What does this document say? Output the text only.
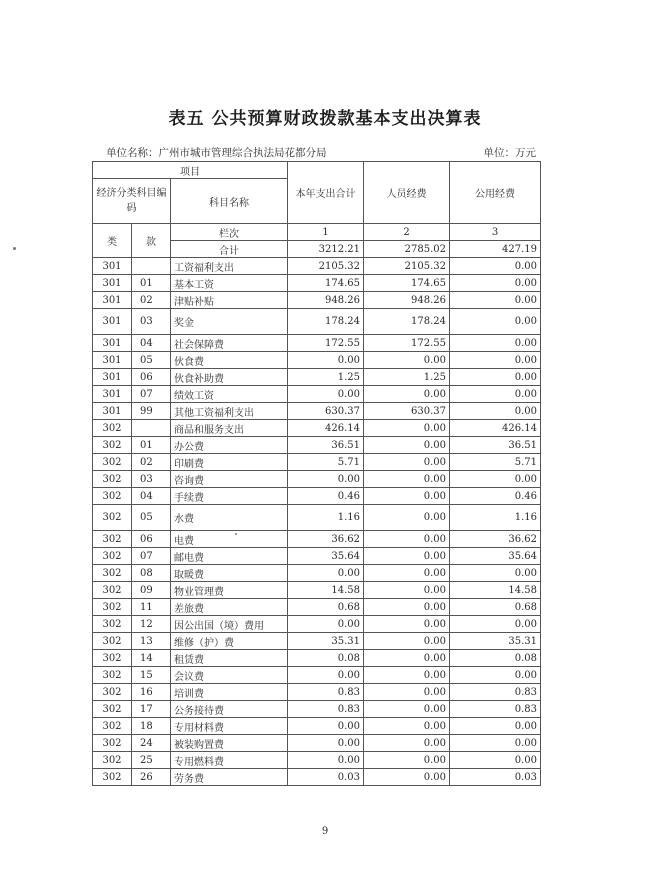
表五 公共预算财政拨款基本支出决算表
单位名称：广州市城市管理综合执法局花都分局	单位：万元
项目			本年支出合计	人员经费	公用经费
经济分类科目编码		科目名称			

类	款	栏次	1	2	3
		合计	3212.21	2785.02	427.19
301		工资福利支出	2105.32	2105.32	0.00
301	01	基本工资	174.65	174.65	0.00
301	02	津贴补贴	948.26	948.26	0.00
301	03	奖金	178.24	178.24	0.00
301	04	社会保障费	172.55	172.55	0.00
301	05	伙食费	0.00	0.00	0.00
301	06	伙食补助费	1.25	1.25	0.00
301	07	绩效工资	0.00	0.00	0.00
301	99	其他工资福利支出	630.37	630.37	0.00
302		商品和服务支出	426.14	0.00	426.14
302	01	办公费	36.51	0.00	36.51
302	02	印刷费	5.71	0.00	5.71
302	03	咨询费	0.00	0.00	0.00
302	04	手续费	0.46	0.00	0.46
302	05	水费	1.16	0.00	1.16
302	06	电费	36.62	0.00	36.62
302	07	邮电费	35.64	0.00	35.64
302	08	取暖费	0.00	0.00	0.00
302	09	物业管理费	14.58	0.00	14.58
302	11	差旅费	0.68	0.00	0.68
302	12	因公出国（境）费用	0.00	0.00	0.00
302	13	维修（护）费	35.31	0.00	35.31
302	14	租赁费	0.08	0.00	0.08
302	15	会议费	0.00	0.00	0.00
302	16	培训费	0.83	0.00	0.83
302	17	公务接待费	0.83	0.00	0.83
302	18	专用材料费	0.00	0.00	0.00
302	24	被装购置费	0.00	0.00	0.00
302	25	专用燃料费	0.00	0.00	0.00
302	26	劳务费	0.03	0.00	0.03
9
